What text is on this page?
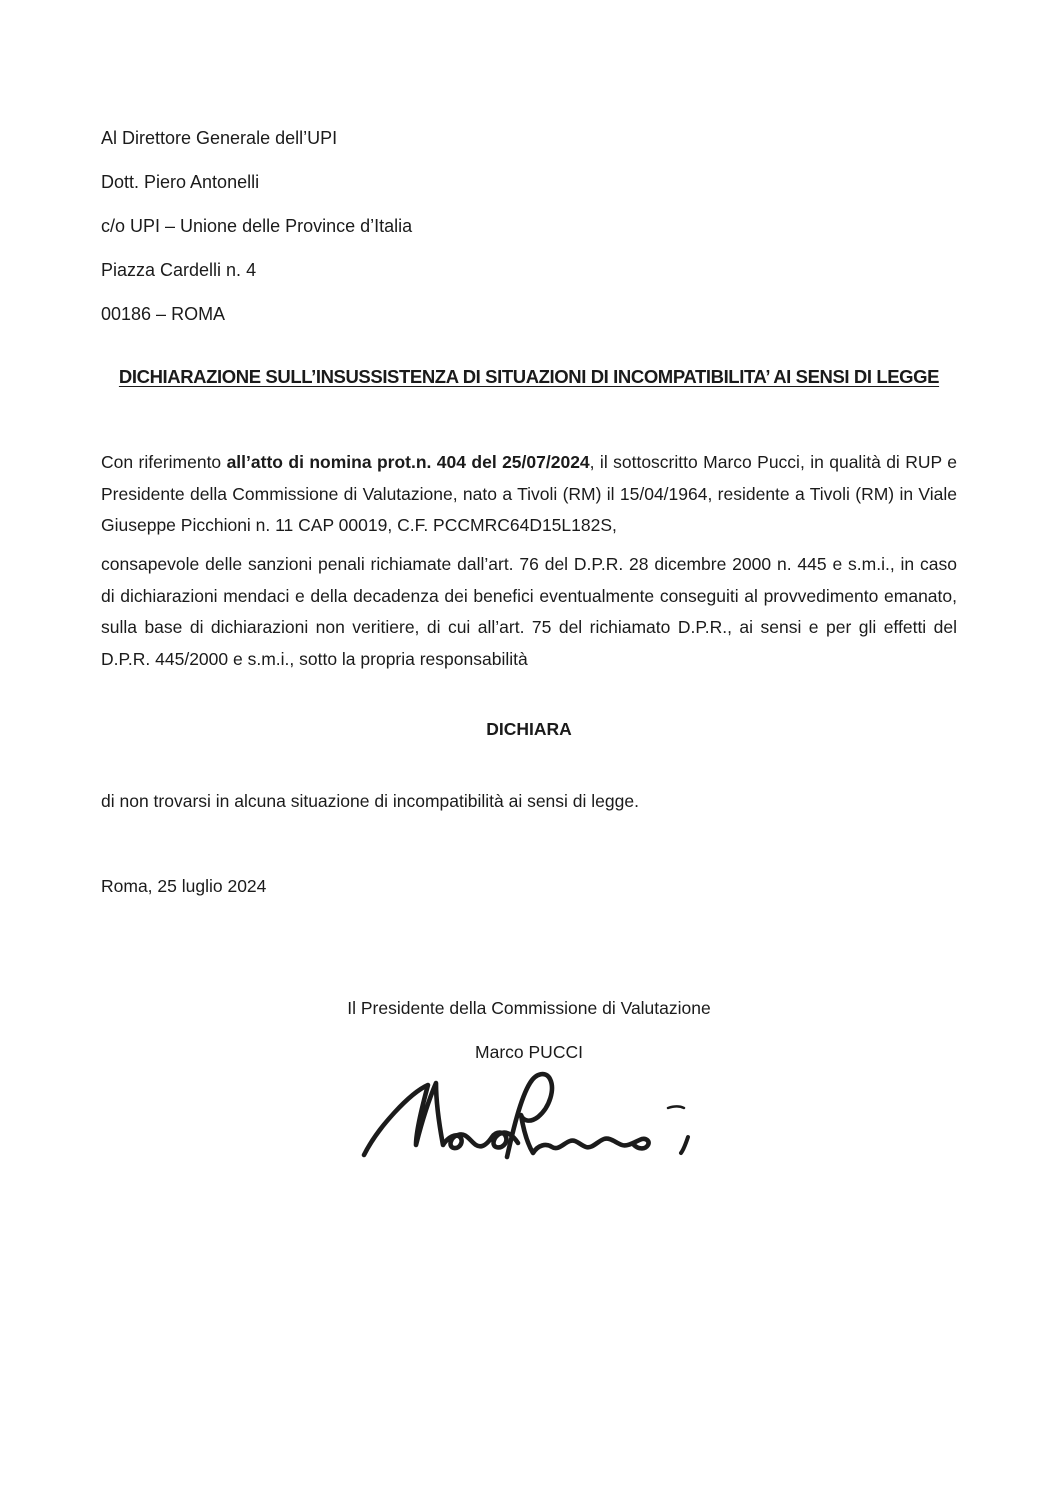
Al Direttore Generale dell’UPI
Dott. Piero Antonelli
c/o UPI – Unione delle Province d’Italia
Piazza Cardelli n. 4
00186 – ROMA
DICHIARAZIONE SULL’INSUSSISTENZA DI SITUAZIONI DI INCOMPATIBILITA’ AI SENSI DI LEGGE

Con riferimento all’atto di nomina prot.n. 404 del 25/07/2024, il sottoscritto Marco Pucci, in qualità di RUP e Presidente della Commissione di Valutazione, nato a Tivoli (RM) il 15/04/1964, residente a Tivoli (RM) in Viale Giuseppe Picchioni n. 11 CAP 00019, C.F. PCCMRC64D15L182S,

consapevole delle sanzioni penali richiamate dall’art. 76 del D.P.R. 28 dicembre 2000 n. 445 e s.m.i., in caso di dichiarazioni mendaci e della decadenza dei benefici eventualmente conseguiti al provvedimento emanato, sulla base di dichiarazioni non veritiere, di cui all’art. 75 del richiamato D.P.R., ai sensi e per gli effetti del D.P.R. 445/2000 e s.m.i., sotto la propria responsabilità

DICHIARA
di non trovarsi in alcuna situazione di incompatibilità ai sensi di legge.
Roma, 25 luglio 2024
Il Presidente della Commissione di Valutazione
Marco PUCCI
